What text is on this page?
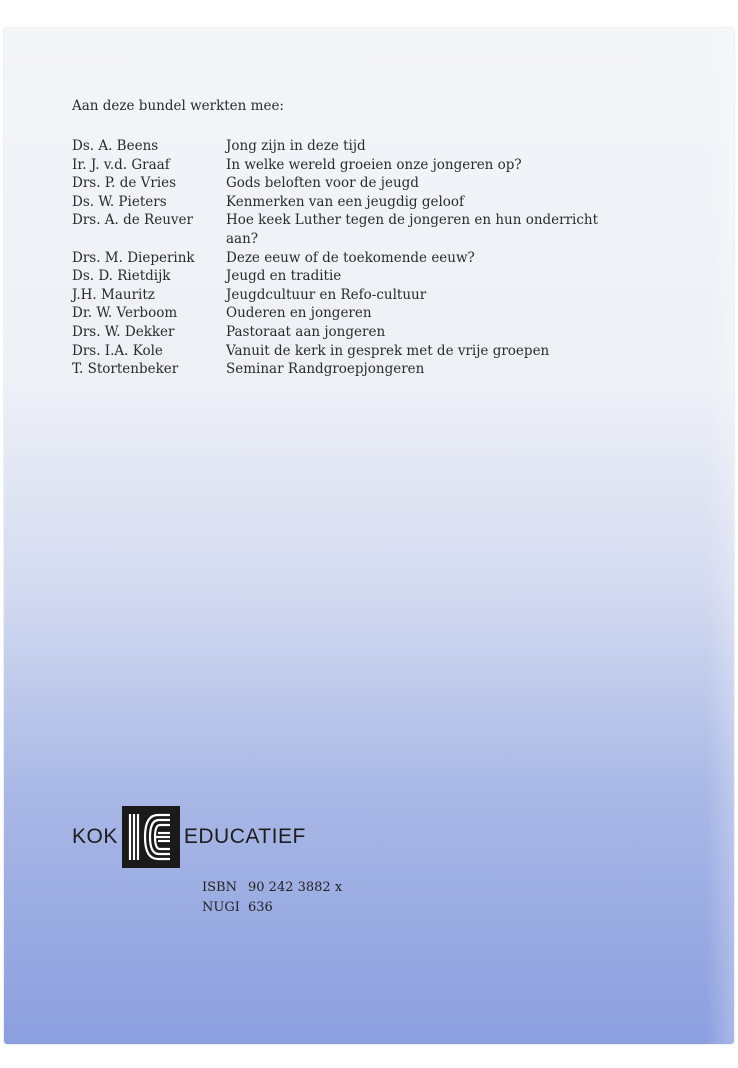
Aan deze bundel werkten mee:

Ds. A. Beens	Jong zijn in deze tijd
Ir. J. v.d. Graaf	In welke wereld groeien onze jongeren op?
Drs. P. de Vries	Gods beloften voor de jeugd
Ds. W. Pieters	Kenmerken van een jeugdig geloof
Drs. A. de Reuver	Hoe keek Luther tegen de jongeren en hun onderricht aan?
Drs. M. Dieperink	Deze eeuw of de toekomende eeuw?
Ds. D. Rietdijk	Jeugd en traditie
J.H. Mauritz	Jeugdcultuur en Refo-cultuur
Dr. W. Verboom	Ouderen en jongeren
Drs. W. Dekker	Pastoraat aan jongeren
Drs. I.A. Kole	Vanuit de kerk in gesprek met de vrije groepen
T. Stortenbeker	Seminar Randgroepjongeren
KOK	EDUCATIEF
ISBN 90 242 3882 x
NUGI 636
